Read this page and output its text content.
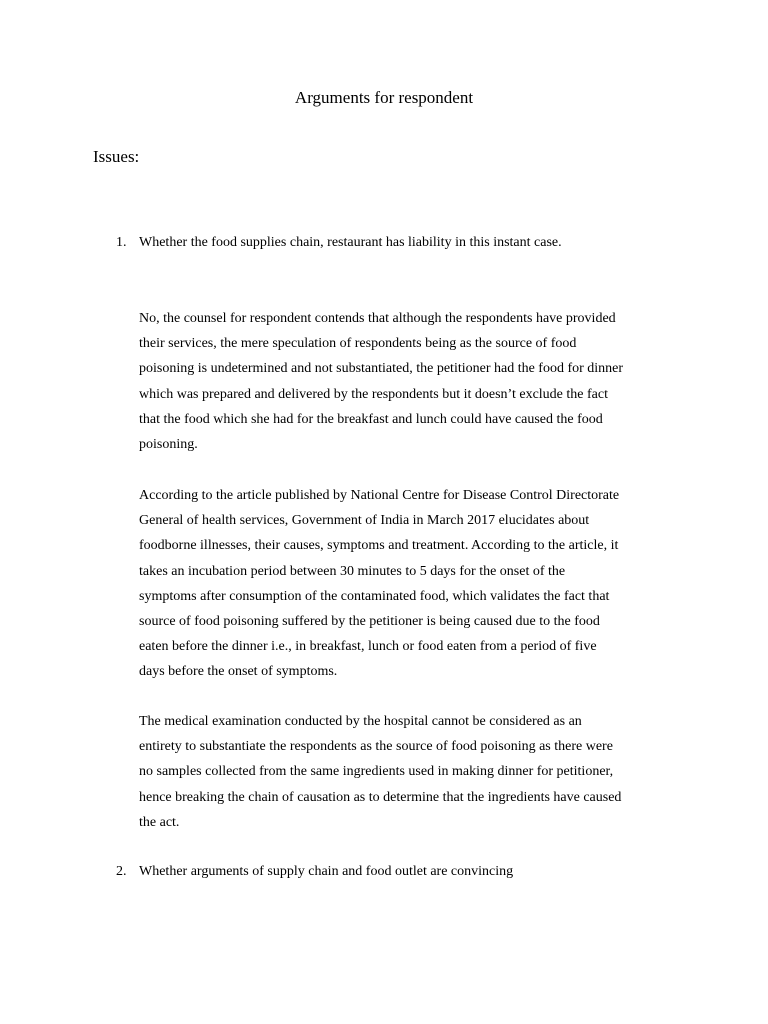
Arguments for respondent
Issues:
1. Whether the food supplies chain, restaurant has liability in this instant case.
No, the counsel for respondent contends that although the respondents have provided
their services, the mere speculation of respondents being as the source of food
poisoning is undetermined and not substantiated, the petitioner had the food for dinner
which was prepared and delivered by the respondents but it doesn’t exclude the fact
that the food which she had for the breakfast and lunch could have caused the food
poisoning.
According to the article published by National Centre for Disease Control Directorate
General of health services, Government of India in March 2017 elucidates about
foodborne illnesses, their causes, symptoms and treatment. According to the article, it
takes an incubation period between 30 minutes to 5 days for the onset of the
symptoms after consumption of the contaminated food, which validates the fact that
source of food poisoning suffered by the petitioner is being caused due to the food
eaten before the dinner i.e., in breakfast, lunch or food eaten from a period of five
days before the onset of symptoms.
The medical examination conducted by the hospital cannot be considered as an
entirety to substantiate the respondents as the source of food poisoning as there were
no samples collected from the same ingredients used in making dinner for petitioner,
hence breaking the chain of causation as to determine that the ingredients have caused
the act.
2. Whether arguments of supply chain and food outlet are convincing
